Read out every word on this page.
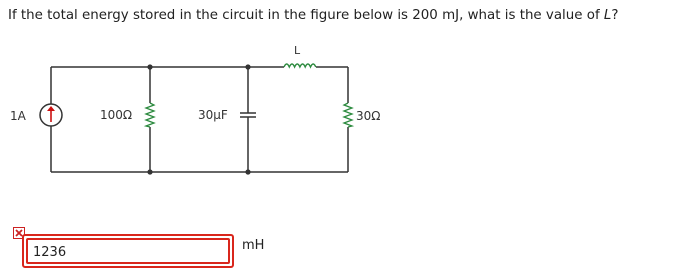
If the total energy stored in the circuit in the figure below is 200 mJ, what is the value of L?
1A	100Ω	30μF
L
30Ω
1236
mH
